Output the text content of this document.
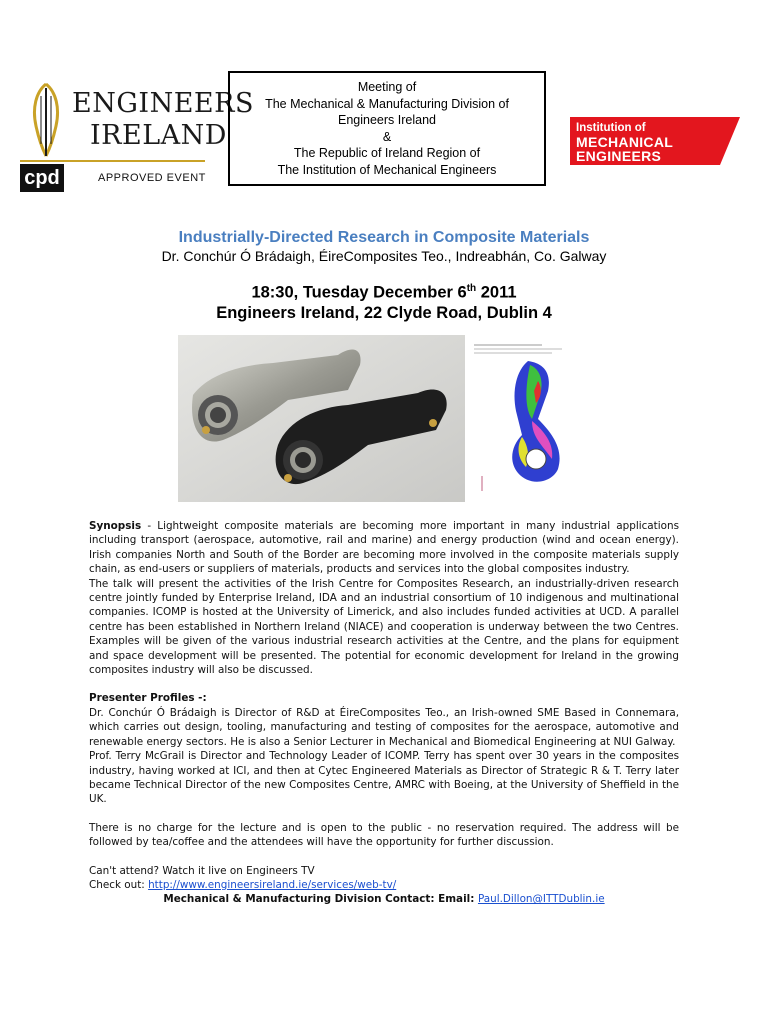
ENGINEERS
IRELAND
cpd	APPROVED EVENT
Meeting of
The Mechanical & Manufacturing Division of
Engineers Ireland
&
The Republic of Ireland Region of
The Institution of Mechanical Engineers
Institution of
MECHANICAL
ENGINEERS
Industrially-Directed Research in Composite Materials
Dr. Conchúr Ó Brádaigh, ÉireComposites Teo., Indreabhán, Co. Galway
18:30, Tuesday December 6th 2011
Engineers Ireland, 22 Clyde Road, Dublin 4

Synopsis - Lightweight composite materials are becoming more important in many industrial applications including transport (aerospace, automotive, rail and marine) and energy production (wind and ocean energy). Irish companies North and South of the Border are becoming more involved in the composite materials supply chain, as end-users or suppliers of materials, products and services into the global composites industry.

The talk will present the activities of the Irish Centre for Composites Research, an industrially-driven research centre jointly funded by Enterprise Ireland, IDA and an industrial consortium of 10 indigenous and multinational companies. ICOMP is hosted at the University of Limerick, and also includes funded activities at UCD. A parallel centre has been established in Northern Ireland (NIACE) and cooperation is underway between the two Centres. Examples will be given of the various industrial research activities at the Centre, and the plans for equipment and space development will be presented. The potential for economic development for Ireland in the growing composites industry will also be discussed.

Presenter Profiles -:

Dr. Conchúr Ó Brádaigh is Director of R&D at ÉireComposites Teo., an Irish-owned SME Based in Connemara, which carries out design, tooling, manufacturing and testing of composites for the aerospace, automotive and renewable energy sectors. He is also a Senior Lecturer in Mechanical and Biomedical Engineering at NUI Galway.

Prof. Terry McGrail is Director and Technology Leader of ICOMP. Terry has spent over 30 years in the composites industry, having worked at ICI, and then at Cytec Engineered Materials as Director of Strategic R & T. Terry later became Technical Director of the new Composites Centre, AMRC with Boeing, at the University of Sheffield in the UK.

There is no charge for the lecture and is open to the public - no reservation required. The address will be followed by tea/coffee and the attendees will have the opportunity for further discussion.

Can't attend? Watch it live on Engineers TV

Check out: http://www.engineersireland.ie/services/web-tv/

Mechanical & Manufacturing Division Contact: Email: Paul.Dillon@ITTDublin.ie
